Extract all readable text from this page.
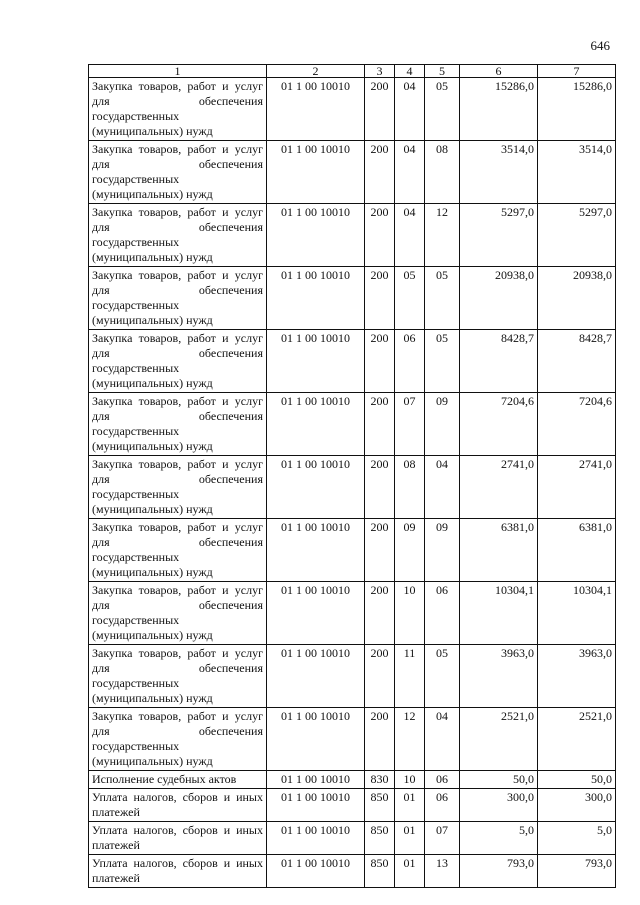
646
1	2	3	4	5	6	7
Закупка товаров, работ и услуг для обеспечения государственных (муниципальных) нужд	01 1 00 10010	200	04	05	15286,0	15286,0
Закупка товаров, работ и услуг для обеспечения государственных (муниципальных) нужд	01 1 00 10010	200	04	08	3514,0	3514,0
Закупка товаров, работ и услуг для обеспечения государственных (муниципальных) нужд	01 1 00 10010	200	04	12	5297,0	5297,0
Закупка товаров, работ и услуг для обеспечения государственных (муниципальных) нужд	01 1 00 10010	200	05	05	20938,0	20938,0
Закупка товаров, работ и услуг для обеспечения государственных (муниципальных) нужд	01 1 00 10010	200	06	05	8428,7	8428,7
Закупка товаров, работ и услуг для обеспечения государственных (муниципальных) нужд	01 1 00 10010	200	07	09	7204,6	7204,6
Закупка товаров, работ и услуг для обеспечения государственных (муниципальных) нужд	01 1 00 10010	200	08	04	2741,0	2741,0
Закупка товаров, работ и услуг для обеспечения государственных (муниципальных) нужд	01 1 00 10010	200	09	09	6381,0	6381,0
Закупка товаров, работ и услуг для обеспечения государственных (муниципальных) нужд	01 1 00 10010	200	10	06	10304,1	10304,1
Закупка товаров, работ и услуг для обеспечения государственных (муниципальных) нужд	01 1 00 10010	200	11	05	3963,0	3963,0
Закупка товаров, работ и услуг для обеспечения государственных (муниципальных) нужд	01 1 00 10010	200	12	04	2521,0	2521,0
Исполнение судебных актов	01 1 00 10010	830	10	06	50,0	50,0
Уплата налогов, сборов и иных платежей	01 1 00 10010	850	01	06	300,0	300,0
Уплата налогов, сборов и иных платежей	01 1 00 10010	850	01	07	5,0	5,0
Уплата налогов, сборов и иных платежей	01 1 00 10010	850	01	13	793,0	793,0
